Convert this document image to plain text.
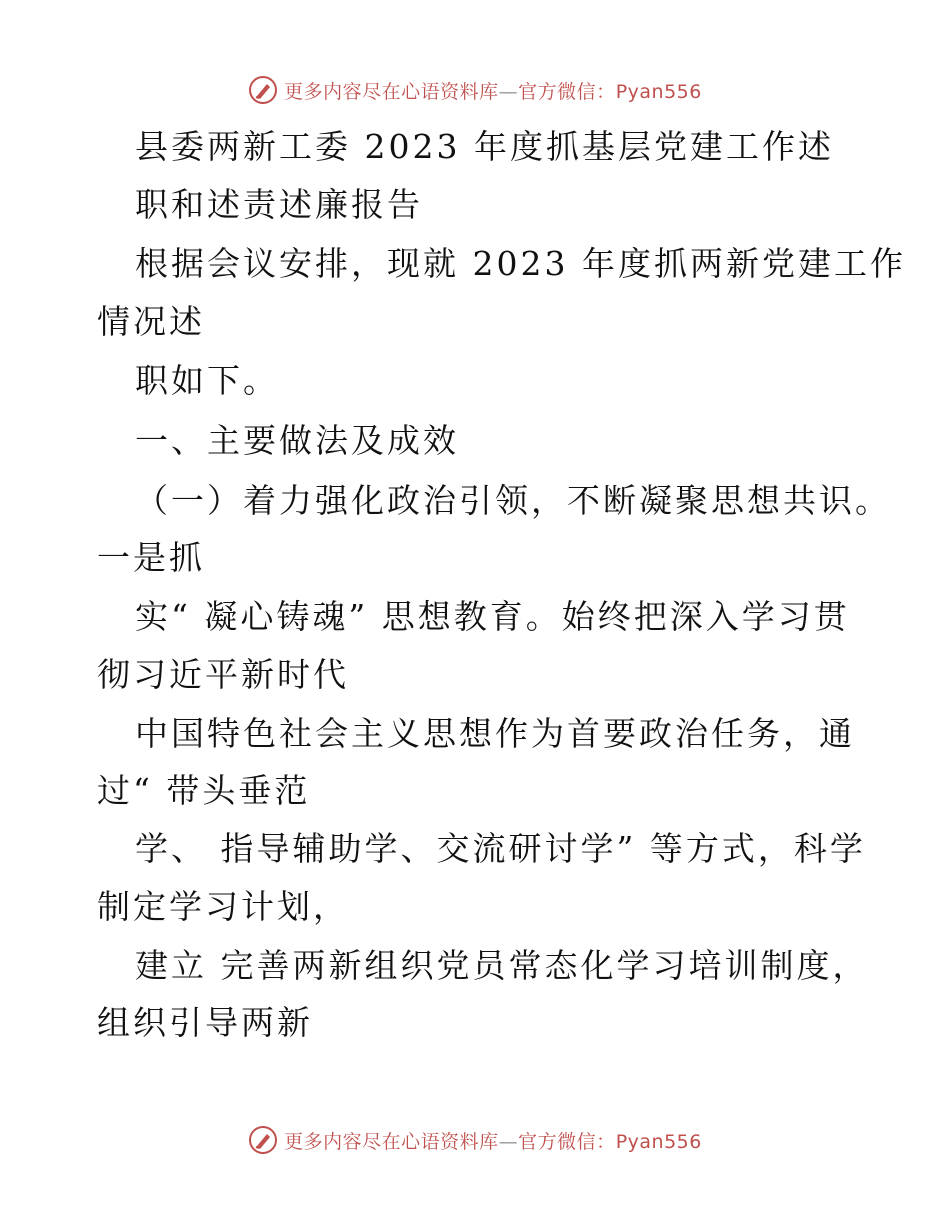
更多内容尽在心语资料库—官方微信：Pyan556
县委两新工委 2023 年度抓基层党建工作述
职和述责述廉报告
根据会议安排，现就 2023 年度抓两新党建工作
情况述
职如下。
一、主要做法及成效
（一）着力强化政治引领，不断凝聚思想共识。
一是抓
实“ 凝心铸魂” 思想教育。始终把深入学习贯
彻习近平新时代
中国特色社会主义思想作为首要政治任务，通
过“ 带头垂范
学、 指导辅助学、交流研讨学” 等方式，科学
制定学习计划，
建立 完善两新组织党员常态化学习培训制度，
组织引导两新
更多内容尽在心语资料库—官方微信：Pyan556
